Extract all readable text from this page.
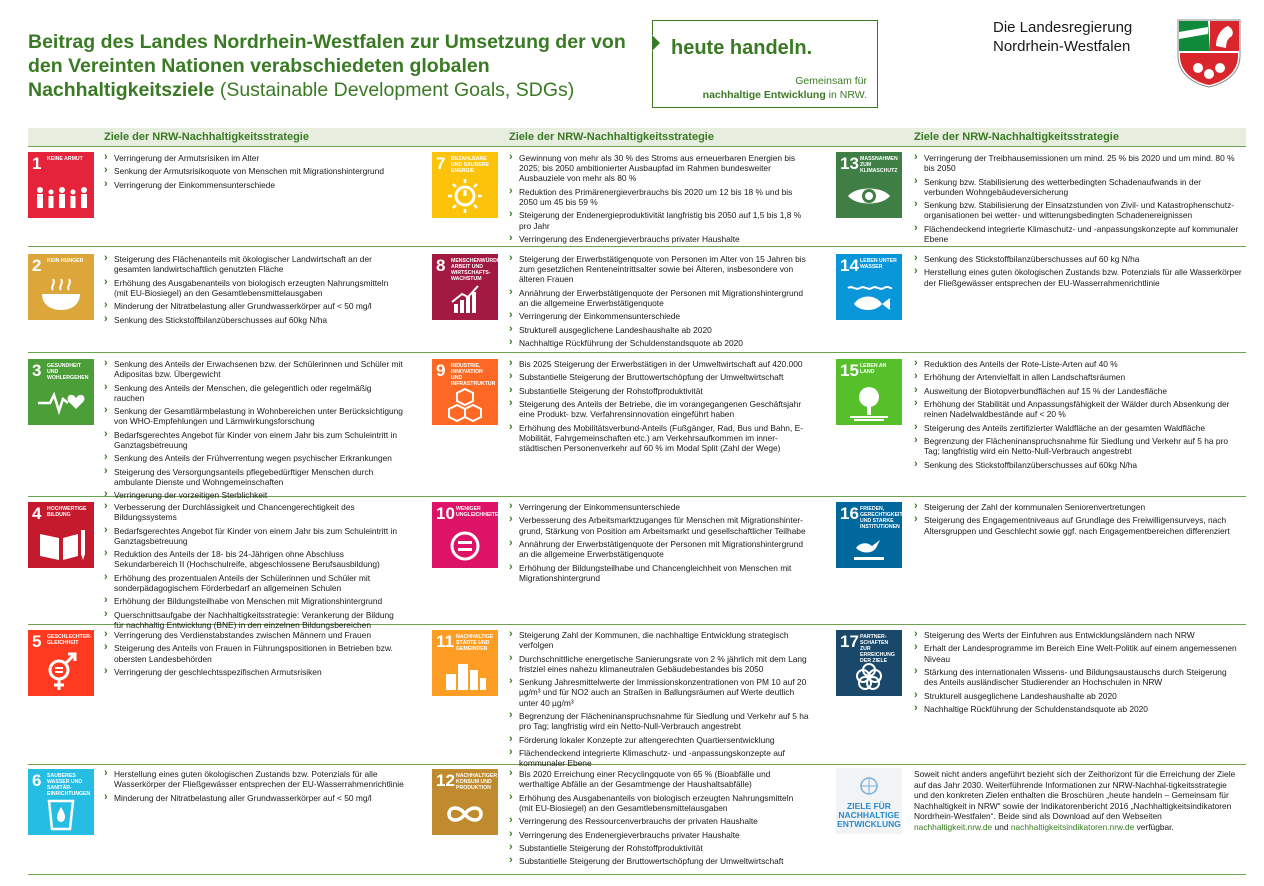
Beitrag des Landes Nordrhein-Westfalen zur Umsetzung der von den Vereinten Nationen verabschiedeten globalen Nachhaltigkeitsziele (Sustainable Development Goals, SDGs)
heute handeln.
Gemeinsam für
nachhaltige Entwicklung in NRW.
Die Landesregierung
Nordrhein-Westfalen
Ziele der NRW-Nachhaltigkeitsstrategie	Ziele der NRW-Nachhaltigkeitsstrategie	Ziele der NRW-Nachhaltigkeitsstrategie
1 KEINE ARMUT	› Verringerung der Armutsrisiken im Alter
› Senkung der Armutsrisikoquote von Menschen mit Migrationshintergrund
› Verringerung der Einkommensunterschiede
2 KEIN HUNGER	› Steigerung des Flächenanteils mit ökologischer Landwirtschaft an der gesamten landwirtschaftlich genutzten Fläche
› Erhöhung des Ausgabenanteils von biologisch erzeugten Nahrungsmitteln (mit EU-Biosiegel) an den Gesamtlebensmittelausgaben
› Minderung der Nitratbelastung aller Grundwasserkörper auf < 50 mg/l
› Senkung des Stickstoffbilanzüberschusses auf 60kg N/ha
3 GESUNDHEIT UND WOHLERGEHEN
› Senkung des Anteils der Erwachsenen bzw. der Schülerinnen und Schüler mit Adipositas bzw. Übergewicht
› Senkung des Anteils der Menschen, die gelegentlich oder regelmäßig rauchen
› Senkung der Gesamtlärmbelastung in Wohnbereichen unter Berücksichtigung von WHO-Empfehlungen und Lärmwirkungsforschung
› Bedarfsgerechtes Angebot für Kinder von einem Jahr bis zum Schuleintritt in Ganztagsbetreuung
› Senkung des Anteils der Frühverrentung wegen psychischer Erkrankungen
› Steigerung des Versorgungsanteils pflegebedürftiger Menschen durch ambulante Dienste und Wohngemeinschaften
› Verringerung der vorzeitigen Sterblichkeit
4 HOCHWERTIGE BILDUNG
› Verbesserung der Durchlässigkeit und Chancengerechtigkeit des Bildungssystems
› Bedarfsgerechtes Angebot für Kinder von einem Jahr bis zum Schuleintritt in Ganztagsbetreuung
› Reduktion des Anteils der 18- bis 24-Jährigen ohne Abschluss Sekundarbereich II (Hochschulreife, abgeschlossene Berufsausbildung)
› Erhöhung des prozentualen Anteils der Schülerinnen und Schüler mit sonderpädagogischem Förderbedarf an allgemeinen Schulen
› Erhöhung der Bildungsteilhabe von Menschen mit Migrationshintergrund
› Querschnittsaufgabe der Nachhaltigkeitsstrategie: Verankerung der Bildung für nachhaltig Entwicklung (BNE) in den einzelnen Bildungsbereichen
5 GESCHLECHTER-GLEICHHEIT
› Verringerung des Verdienstabstandes zwischen Männern und Frauen
› Steigerung des Anteils von Frauen in Führungspositionen in Betrieben bzw. obersten Landesbehörden
› Verringerung der geschlechtsspezifischen Armutsrisiken
6 SAUBERES WASSER UND SANITÄR-EINRICHTUNGEN
› Herstellung eines guten ökologischen Zustands bzw. Potenzials für alle Wasserkörper der Fließgewässer entsprechen der EU-Wasserrahmenrichtlinie
› Minderung der Nitratbelastung aller Grundwasserkörper auf < 50 mg/l
7 BEZAHLBARE UND SAUBERE ENERGIE
› Gewinnung von mehr als 30 % des Stroms aus erneuerbaren Energien bis 2025; bis 2050 ambitionierter Ausbaupfad im Rahmen bundesweiter Ausbauziele von mehr als 80 %
› Reduktion des Primärenergieverbrauchs bis 2020 um 12 bis 18 % und bis 2050 um 45 bis 59 %
› Steigerung der Endenergieproduktivität langfristig bis 2050 auf 1,5 bis 1,8 % pro Jahr
› Verringerung des Endenergieverbrauchs privater Haushalte
8 MENSCHENWÜRDIGE ARBEIT UND WIRTSCHAFTS-WACHSTUM
› Steigerung der Erwerbstätigenquote von Personen im Alter von 15 Jahren bis zum gesetzlichen Renteneintrittsalter sowie bei Älteren, insbesondere von älteren Frauen
› Annährung der Erwerbstätigenquote der Personen mit Migrationshintergrund an die allgemeine Erwerbstätigenquote
› Verringerung der Einkommensunterschiede
› Strukturell ausgeglichene Landeshaushalte ab 2020
› Nachhaltige Rückführung der Schuldenstandsquote ab 2020
9 INDUSTRIE, INNOVATION UND INFRASTRUKTUR
› Bis 2025 Steigerung der Erwerbstätigen in der Umweltwirtschaft auf 420.000
› Substantielle Steigerung der Bruttowertschöpfung der Umweltwirtschaft
› Substantielle Steigerung der Rohstoffproduktivität
› Steigerung des Anteils der Betriebe, die im vorangegangenen Geschäftsjahr eine Produkt- bzw. Verfahrensinnovation eingeführt haben
› Erhöhung des Mobilitätsverbund-Anteils (Fußgänger, Rad, Bus und Bahn, E-Mobilität, Fahrgemeinschaften etc.) am Verkehrsaufkommen im inner-städtischen Personenverkehr auf 60 % im Modal Split (Zahl der Wege)
10 WENIGER UNGLEICHHEITEN
› Verringerung der Einkommensunterschiede
› Verbesserung des Arbeitsmarktzuganges für Menschen mit Migrationshinter-grund, Stärkung von Position am Arbeitsmarkt und gesellschaftlicher Teilhabe
› Annährung der Erwerbstätigenquote der Personen mit Migrationshintergrund an die allgemeine Erwerbstätigenquote
› Erhöhung der Bildungsteilhabe und Chancengleichheit von Menschen mit Migrationshintergrund
11 NACHHALTIGE STÄDTE UND GEMEINDEN
› Steigerung Zahl der Kommunen, die nachhaltige Entwicklung strategisch verfolgen
› Durchschnittliche energetische Sanierungsrate von 2 % jährlich mit dem Lang fristziel eines nahezu klimaneutralen Gebäudebestandes bis 2050
› Senkung Jahresmittelwerte der Immissionskonzentrationen von PM 10 auf 20 µg/m³ und für NO2 auch an Straßen in Ballungsräumen auf Werte deutlich unter 40 µg/m³
› Begrenzung der Flächeninanspruchsnahme für Siedlung und Verkehr auf 5 ha pro Tag; langfristig wird ein Netto-Null-Verbrauch angestrebt
› Förderung lokaler Konzepte zur altengerechten Quartiersentwicklung
› Flächendeckend integrierte Klimaschutz- und -anpassungskonzepte auf kommunaler Ebene
12 NACHHALTIGER KONSUM UND PRODUKTION
› Bis 2020 Erreichung einer Recyclingquote von 65 % (Bioabfälle und werthaltige Abfälle an der Gesamtmenge der Haushaltsabfälle)
› Erhöhung des Ausgabenanteils von biologisch erzeugten Nahrungsmitteln (mit EU-Biosiegel) an den Gesamtlebensmittelausgaben
› Verringerung des Ressourcenverbrauchs der privaten Haushalte
› Verringerung des Endenergieverbrauchs privater Haushalte
› Substantielle Steigerung der Rohstoffproduktivität
› Substantielle Steigerung der Bruttowertschöpfung der Umweltwirtschaft
13 MASSNAHMEN ZUM KLIMASCHUTZ
› Verringerung der Treibhausemissionen um mind. 25 % bis 2020 und um mind. 80 % bis 2050
› Senkung bzw. Stabilisierung des wetterbedingten Schadenaufwands in der verbunden Wohngebäudeversicherung
› Senkung bzw. Stabilisierung der Einsatzstunden von Zivil- und Katastrophenschutz-organisationen bei wetter- und witterungsbedingten Schadenereignissen
› Flächendeckend integrierte Klimaschutz- und -anpassungskonzepte auf kommunaler Ebene
14 LEBEN UNTER WASSER
› Senkung des Stickstoffbilanzüberschusses auf 60 kg N/ha
› Herstellung eines guten ökologischen Zustands bzw. Potenzials für alle Wasserkörper der Fließgewässer entsprechen der EU-Wasserrahmenrichtlinie
15 LEBEN AN LAND
› Reduktion des Anteils der Rote-Liste-Arten auf 40 %
› Erhöhung der Artenvielfalt in allen Landschaftsräumen
› Ausweitung der Biotopverbundflächen auf 15 % der Landesfläche
› Erhöhung der Stabilität und Anpassungsfähigkeit der Wälder durch Absenkung der reinen Nadelwaldbestände auf < 20 %
› Steigerung des Anteils zertifizierter Waldfläche an der gesamten Waldfläche
› Begrenzung der Flächeninanspruchsnahme für Siedlung und Verkehr auf 5 ha pro Tag; langfristig wird ein Netto-Null-Verbrauch angestrebt
› Senkung des Stickstoffbilanzüberschusses auf 60kg N/ha
16 FRIEDEN, GERECHTIGKEIT UND STARKE INSTITUTIONEN
› Steigerung der Zahl der kommunalen Seniorenvertretungen
› Steigerung des Engagementniveaus auf Grundlage des Freiwilligensurveys, nach Altersgruppen und Geschlecht sowie ggf. nach Engagementbereichen differenziert
17 PARTNER-SCHAFTEN ZUR ERREICHUNG DER ZIELE
› Steigerung des Werts der Einfuhren aus Entwicklungsländern nach NRW
› Erhalt der Landesprogramme im Bereich Eine Welt-Politik auf einem angemessenen Niveau
› Stärkung des internationalen Wissens- und Bildungsaustauschs durch Steigerung des Anteils ausländischer Studierender an Hochschulen in NRW
› Strukturell ausgeglichene Landeshaushalte ab 2020
› Nachhaltige Rückführung der Schuldenstandsquote ab 2020
ZIELE FÜR
NACHHALTIGE
ENTWICKLUNG
Soweit nicht anders angeführt bezieht sich der Zeithorizont für die Erreichung der Ziele auf das Jahr 2030. Weiterführende Informationen zur NRW-Nachhal-tigkeitsstrategie und den konkreten Zielen enthalten die Broschüren „heute handeln – Gemeinsam für Nachhaltigkeit in NRW“ sowie der Indikatorenbericht 2016 „Nachhaltigkeitsindikatoren Nordrhein-Westfalen“. Beide sind als Download auf den Webseiten nachhaltigkeit.nrw.de und nachhaltigkeitsindikatoren.nrw.de verfügbar.
